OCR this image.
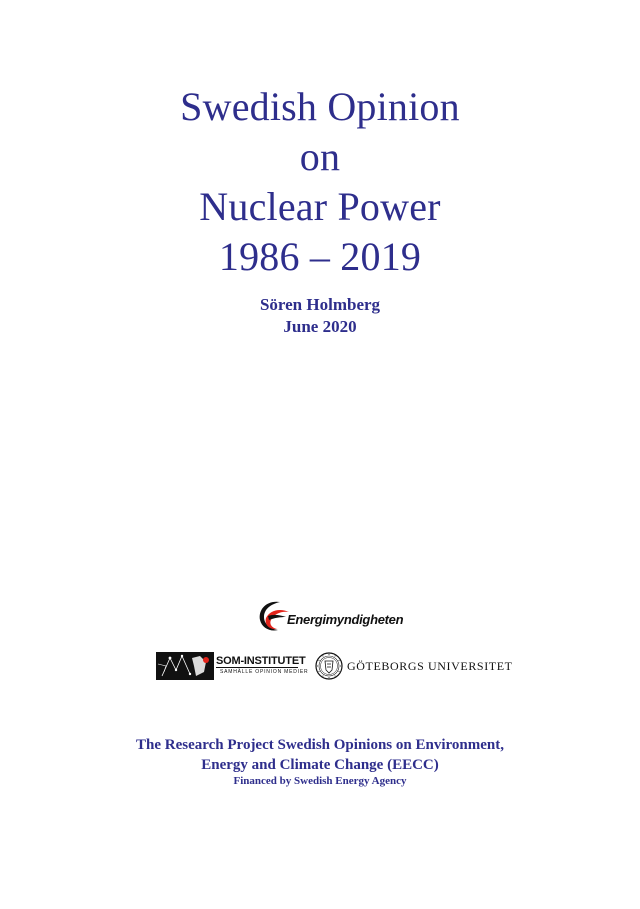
Swedish Opinion
on
Nuclear Power
1986 – 2019
Sören Holmberg
June 2020
Energimyndigheten
SOM-INSTITUTET
SAMHÄLLE OPINION MEDIER	GÖTEBORGS UNIVERSITET
The Research Project Swedish Opinions on Environment,
Energy and Climate Change (EECC)
Financed by Swedish Energy Agency
